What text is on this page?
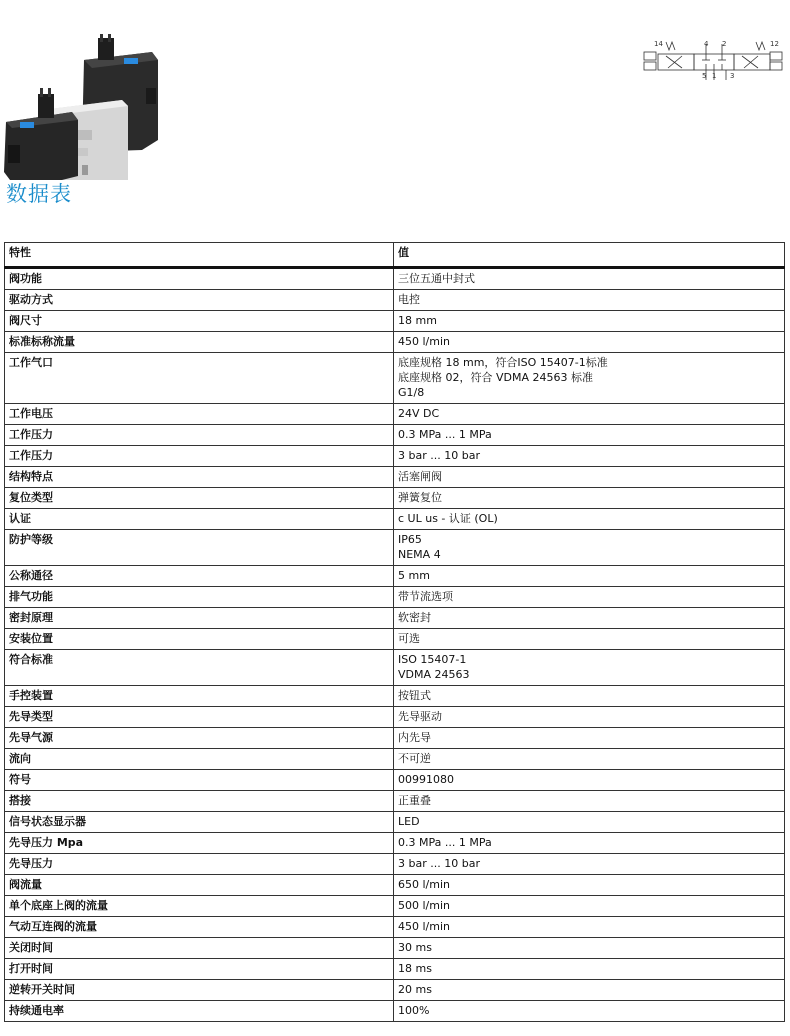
14	4 2	12
5 1 3
数据表
特性	值
阀功能	三位五通中封式

驱动方式	电控

阀尺寸	18 mm

标准标称流量	450 l/min

工作气口	底座规格 18 mm，符合ISO 15407-1标准
底座规格 02，符合 VDMA 24563 标准
G1/8

工作电压	24V DC

工作压力	0.3 MPa ... 1 MPa

工作压力	3 bar ... 10 bar

结构特点	活塞闸阀

复位类型	弹簧复位

认证	c UL us - 认证 (OL)

防护等级	IP65
NEMA 4

公称通径	5 mm

排气功能	带节流选项

密封原理	软密封

安装位置	可选

符合标准	ISO 15407-1
VDMA 24563

手控装置	按钮式

先导类型	先导驱动

先导气源	内先导

流向	不可逆

符号	00991080

搭接	正重叠

信号状态显示器	LED

先导压力 Mpa	0.3 MPa ... 1 MPa

先导压力	3 bar ... 10 bar

阀流量	650 l/min

单个底座上阀的流量	500 l/min

气动互连阀的流量	450 l/min

关闭时间	30 ms

打开时间	18 ms

逆转开关时间	20 ms

持续通电率	100%
